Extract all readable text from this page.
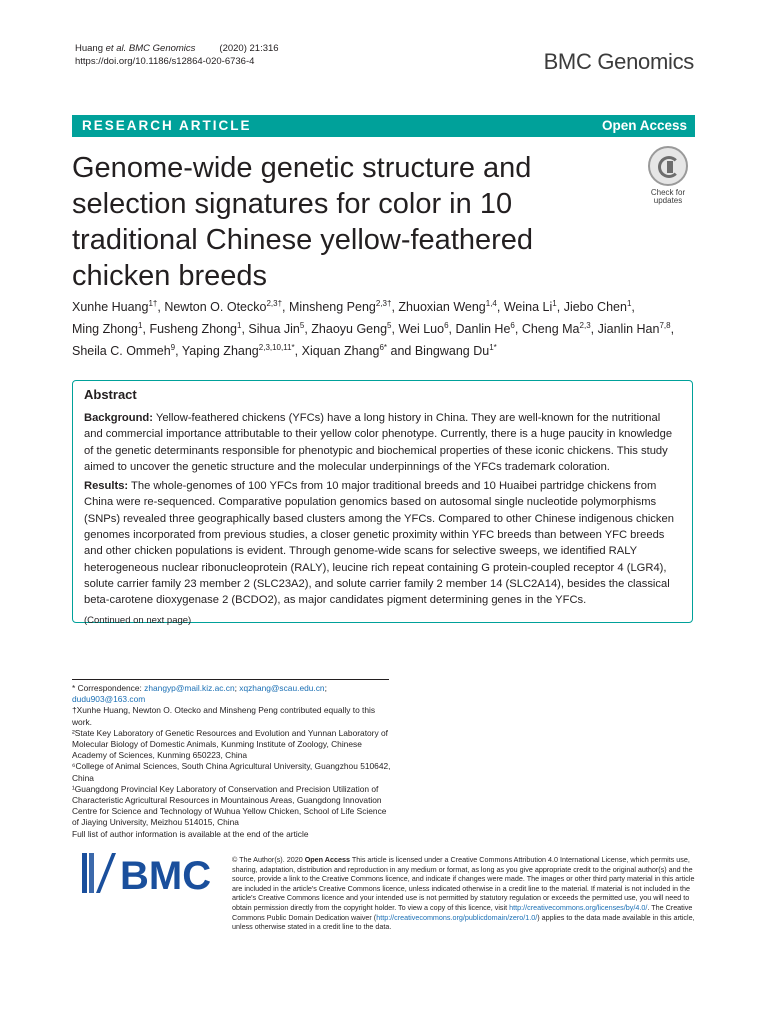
Huang et al. BMC Genomics	(2020) 21:316
https://doi.org/10.1186/s12864-020-6736-4	BMC Genomics
RESEARCH ARTICLE	Open Access
Genome-wide genetic structure and
selection signatures for color in 10
traditional Chinese yellow-feathered
chicken breeds
Check for
updates
Xunhe Huang$^{1\dagger}$, Newton O. Otecko$^{2,3\dagger}$, Minsheng Peng$^{2,3\dagger}$, Zhuoxian Weng$^{1,4}$, Weina Li$^1$, Jiebo Chen$^1$, Ming Zhong$^1$, Fusheng Zhong$^1$, Sihua Jin$^5$, Zhaoyu Geng$^5$, Wei Luo$^6$, Danlin He$^6$, Cheng Ma$^{2,3}$, Jianlin Han$^{7,8}$, Sheila C. Ommeh$^9$, Yaping Zhang$^{2,3,10,11*}$, Xiquan Zhang$^{6*}$ and Bingwang $Du^{1*}$
Abstract

Background: Yellow-feathered chickens (YFCs) have a long history in China. They are well-known for the nutritional and commercial importance attributable to their yellow color phenotype. Currently, there is a huge paucity in knowledge of the genetic determinants responsible for phenotypic and biochemical properties of these iconic chickens. This study aimed to uncover the genetic structure and the molecular underpinnings of the YFCs trademark coloration.

Results: The whole-genomes of 100 YFCs from 10 major traditional breeds and 10 Huaibei partridge chickens from China were re-sequenced. Comparative population genomics based on autosomal single nucleotide polymorphisms (SNPs) revealed three geographically based clusters among the YFCs. Compared to other Chinese indigenous chicken genomes incorporated from previous studies, a closer genetic proximity within YFC breeds than between YFC breeds and other chicken populations is evident. Through genome-wide scans for selective sweeps, we identified RALY heterogeneous nuclear ribonucleoprotein (RALY), leucine rich repeat containing G protein-coupled receptor 4 (LGR4), solute carrier family 23 member 2 (SLC23A2), and solute carrier family 2 member 14 (SLC2A14), besides the classical beta-carotene dioxygenase 2 (BCDO2), as major candidates pigment determining genes in the YFCs.

(Continued on next page)

* Correspondence: zhangyp@mail.kiz.ac.cn; xqzhang@scau.edu.cn;
dudu903@163.com

†Xunhe Huang, Newton O. Otecko and Minsheng Peng contributed equally to this work.

²State Key Laboratory of Genetic Resources and Evolution and Yunnan Laboratory of Molecular Biology of Domestic Animals, Kunming Institute of Zoology, Chinese Academy of Sciences, Kunming 650223, China

⁶College of Animal Sciences, South China Agricultural University, Guangzhou 510642, China

¹Guangdong Provincial Key Laboratory of Conservation and Precision Utilization of Characteristic Agricultural Resources in Mountainous Areas, Guangdong Innovation Centre for Science and Technology of Wuhua Yellow Chicken, School of Life Science of Jiaying University, Meizhou 514015, China

Full list of author information is available at the end of the article

BMC	© The Author(s). 2020 Open Access This article is licensed under a Creative Commons Attribution 4.0 International License, which permits use, sharing, adaptation, distribution and reproduction in any medium or format, as long as you give appropriate credit to the original author(s) and the source, provide a link to the Creative Commons licence, and indicate if changes were made. The images or other third party material in this article are included in the article's Creative Commons licence, unless indicated otherwise in a credit line to the material. If material is not included in the article's Creative Commons licence and your intended use is not permitted by statutory regulation or exceeds the permitted use, you will need to obtain permission directly from the copyright holder. To view a copy of this licence, visit http://creativecommons.org/licenses/by/4.0/. The Creative Commons Public Domain Dedication waiver (http://creativecommons.org/publicdomain/zero/1.0/) applies to the data made available in this article, unless otherwise stated in a credit line to the data.
